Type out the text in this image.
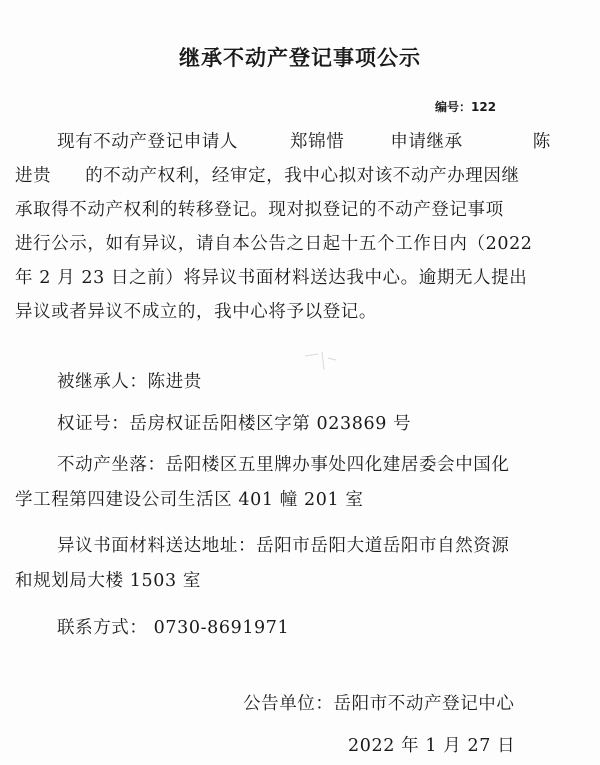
继承不动产登记事项公示
编号：122
现有不动产登记申请人	郑锦惜	申请继承	陈
进贵 的不动产权利，经审定，我中心拟对该不动产办理因继
承取得不动产权利的转移登记。现对拟登记的不动产登记事项
进行公示，如有异议，请自本公告之日起十五个工作日内（2022
年 2 月 23 日之前）将异议书面材料送达我中心。逾期无人提出
异议或者异议不成立的，我中心将予以登记。
被继承人：陈进贵
权证号：岳房权证岳阳楼区字第 023869 号
不动产坐落：岳阳楼区五里牌办事处四化建居委会中国化
学工程第四建设公司生活区 401 幢 201 室
异议书面材料送达地址：岳阳市岳阳大道岳阳市自然资源
和规划局大楼 1503 室
联系方式： 0730-8691971
公告单位：岳阳市不动产登记中心
2022 年 1 月 27 日
